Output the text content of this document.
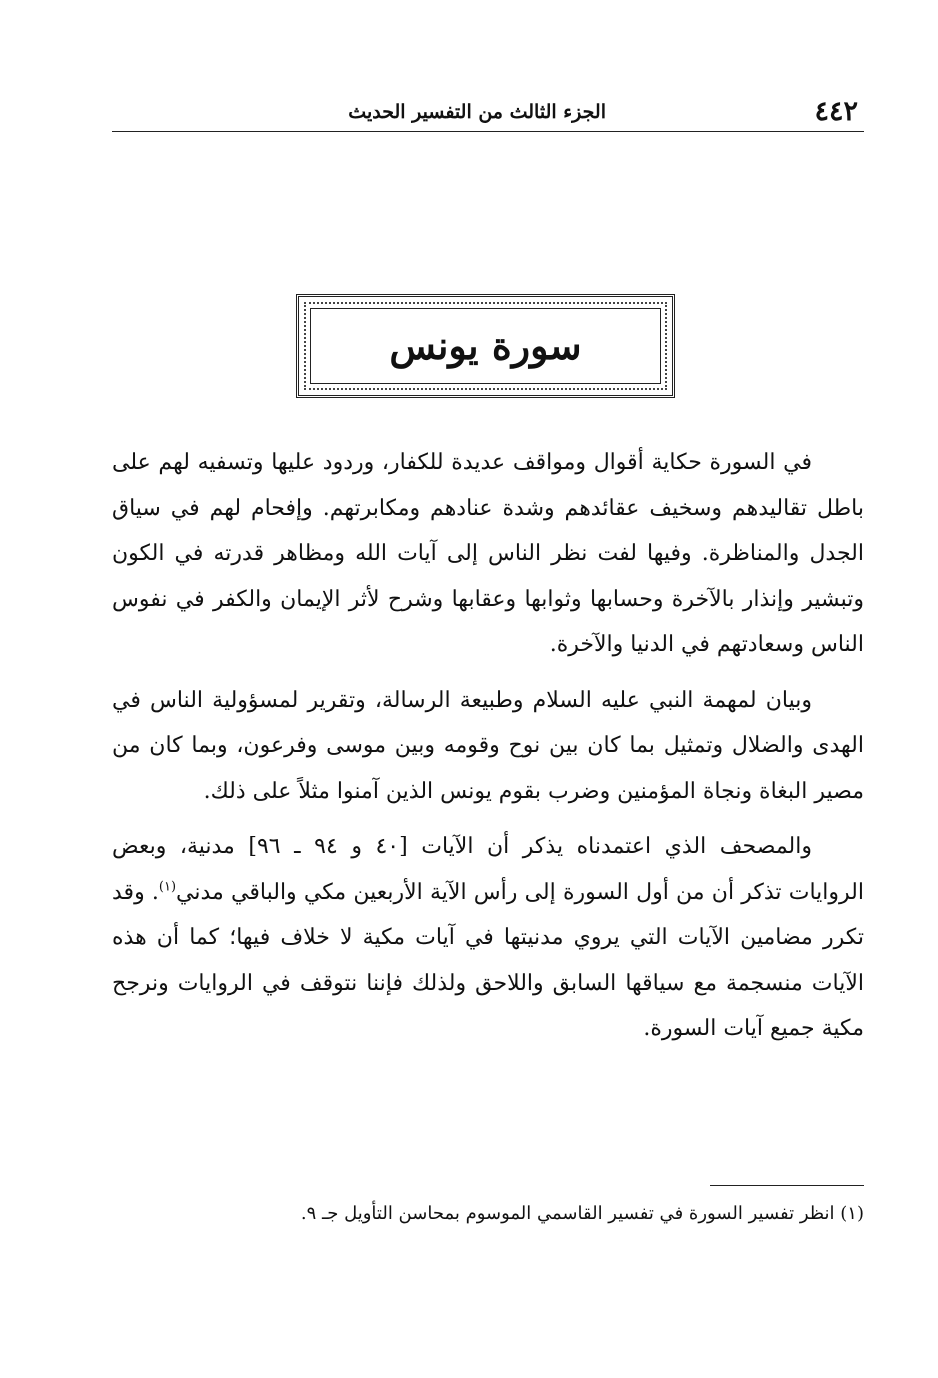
٤٤٢
الجزء الثالث من التفسير الحديث
سورة يونس

في السورة حكاية أقوال ومواقف عديدة للكفار، وردود عليها وتسفيه لهم على باطل تقاليدهم وسخيف عقائدهم وشدة عنادهم ومكابرتهم. وإفحام لهم في سياق الجدل والمناظرة. وفيها لفت نظر الناس إلى آيات الله ومظاهر قدرته في الكون وتبشير وإنذار بالآخرة وحسابها وثوابها وعقابها وشرح لأثر الإيمان والكفر في نفوس الناس وسعادتهم في الدنيا والآخرة.

وبيان لمهمة النبي عليه السلام وطبيعة الرسالة، وتقرير لمسؤولية الناس في الهدى والضلال وتمثيل بما كان بين نوح وقومه وبين موسى وفرعون، وبما كان من مصير البغاة ونجاة المؤمنين وضرب بقوم يونس الذين آمنوا مثلاً على ذلك.

والمصحف الذي اعتمدناه يذكر أن الآيات [٤٠ و ٩٤ ـ ٩٦] مدنية، وبعض الروايات تذكر أن من أول السورة إلى رأس الآية الأربعين مكي والباقي مدني$^{(١)}$. وقد تكرر مضامين الآيات التي يروي مدنيتها في آيات مكية لا خلاف فيها؛ كما أن هذه الآيات منسجمة مع سياقها السابق واللاحق ولذلك فإننا نتوقف في الروايات ونرجح مكية جميع آيات السورة.

(١) انظر تفسير السورة في تفسير القاسمي الموسوم بمحاسن التأويل جـ ٩.
